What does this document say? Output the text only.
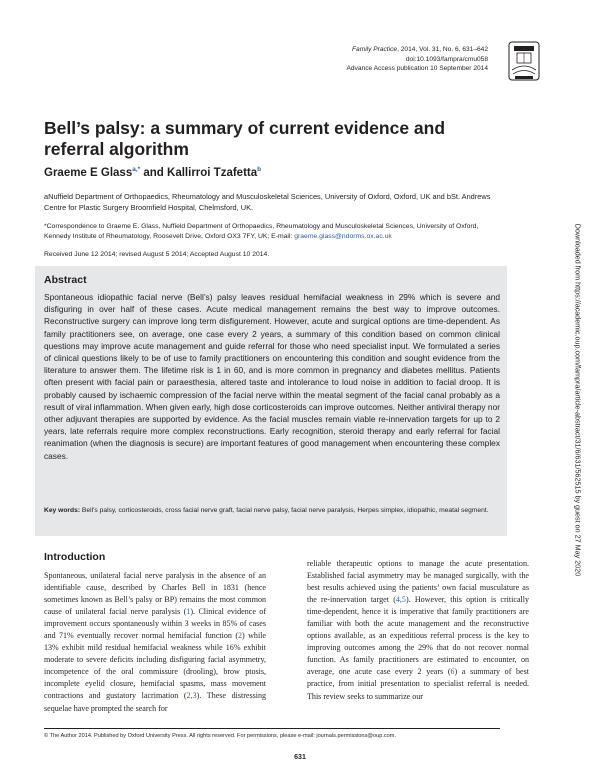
Family Practice, 2014, Vol. 31, No. 6, 631–642
doi:10.1093/fampra/cmu058
Advance Access publication 10 September 2014
Bell’s palsy: a summary of current evidence and referral algorithm
Graeme E Glass$^{a,*}$ and Kallirroi Tzafetta$^b$
aNuffield Department of Orthopaedics, Rheumatology and Musculoskeletal Sciences, University of Oxford, Oxford, UK and bSt. Andrews Centre for Plastic Surgery Broomfield Hospital, Chelmsford, UK.
*Correspondence to Graeme E. Glass, Nuffield Department of Orthopaedics, Rheumatology and Musculoskeletal Sciences, University of Oxford, Kennedy Institute of Rheumatology, Roosevelt Drive, Oxford OX3 7FY, UK; E-mail: graeme.glass@ndorms.ox.ac.uk
Received June 12 2014; revised August 5 2014; Accepted August 10 2014.
Abstract
Spontaneous idiopathic facial nerve (Bell’s) palsy leaves residual hemifacial weakness in 29% which is severe and disfiguring in over half of these cases. Acute medical management remains the best way to improve outcomes. Reconstructive surgery can improve long term disfigurement. However, acute and surgical options are time-dependent. As family practitioners see, on average, one case every 2 years, a summary of this condition based on common clinical questions may improve acute management and guide referral for those who need specialist input. We formulated a series of clinical questions likely to be of use to family practitioners on encountering this condition and sought evidence from the literature to answer them. The lifetime risk is 1 in 60, and is more common in pregnancy and diabetes mellitus. Patients often present with facial pain or paraesthesia, altered taste and intolerance to loud noise in addition to facial droop. It is probably caused by ischaemic compression of the facial nerve within the meatal segment of the facial canal probably as a result of viral inflammation. When given early, high dose corticosteroids can improve outcomes. Neither antiviral therapy nor other adjuvant therapies are supported by evidence. As the facial muscles remain viable re-innervation targets for up to 2 years, late referrals require more complex reconstructions. Early recognition, steroid therapy and early referral for facial reanimation (when the diagnosis is secure) are important features of good management when encountering these complex cases.
Key words: Bell’s palsy, corticosteroids, cross facial nerve graft, facial nerve palsy, facial nerve paralysis, Herpes simplex, idiopathic, meatal segment.
Introduction
Spontaneous, unilateral facial nerve paralysis in the absence of an identifiable cause, described by Charles Bell in 1831 (hence sometimes known as Bell’s palsy or BP) remains the most common cause of unilateral facial nerve paralysis (1). Clinical evidence of improvement occurs spontaneously within 3 weeks in 85% of cases and 71% eventually recover normal hemifacial function (2) while 13% exhibit mild residual hemifacial weakness while 16% exhibit moderate to severe deficits including disfiguring facial asymmetry, incompetence of the oral commissure (drooling), brow ptosis, incomplete eyelid closure, hemifacial spasms, mass movement contractions and gustatory lacrimation (2,3). These distressing sequelae have prompted the search for
reliable therapeutic options to manage the acute presentation. Established facial asymmetry may be managed surgically, with the best results achieved using the patients’ own facial musculature as the re-innervation target (4,5). However, this option is critically time-dependent, hence it is imperative that family practitioners are familiar with both the acute management and the reconstructive options available, as an expeditious referral process is the key to improving outcomes among the 29% that do not recover normal function. As family practitioners are estimated to encounter, on average, one acute case every 2 years (6) a summary of best practice, from initial presentation to specialist referral is needed. This review seeks to summarize our
© The Author 2014. Published by Oxford University Press. All rights reserved. For permissions, please e-mail: journals.permissions@oup.com.
631
Downloaded from https://academic.oup.com/fampra/article-abstract/31/6/631/562515 by guest on 27 May 2020
